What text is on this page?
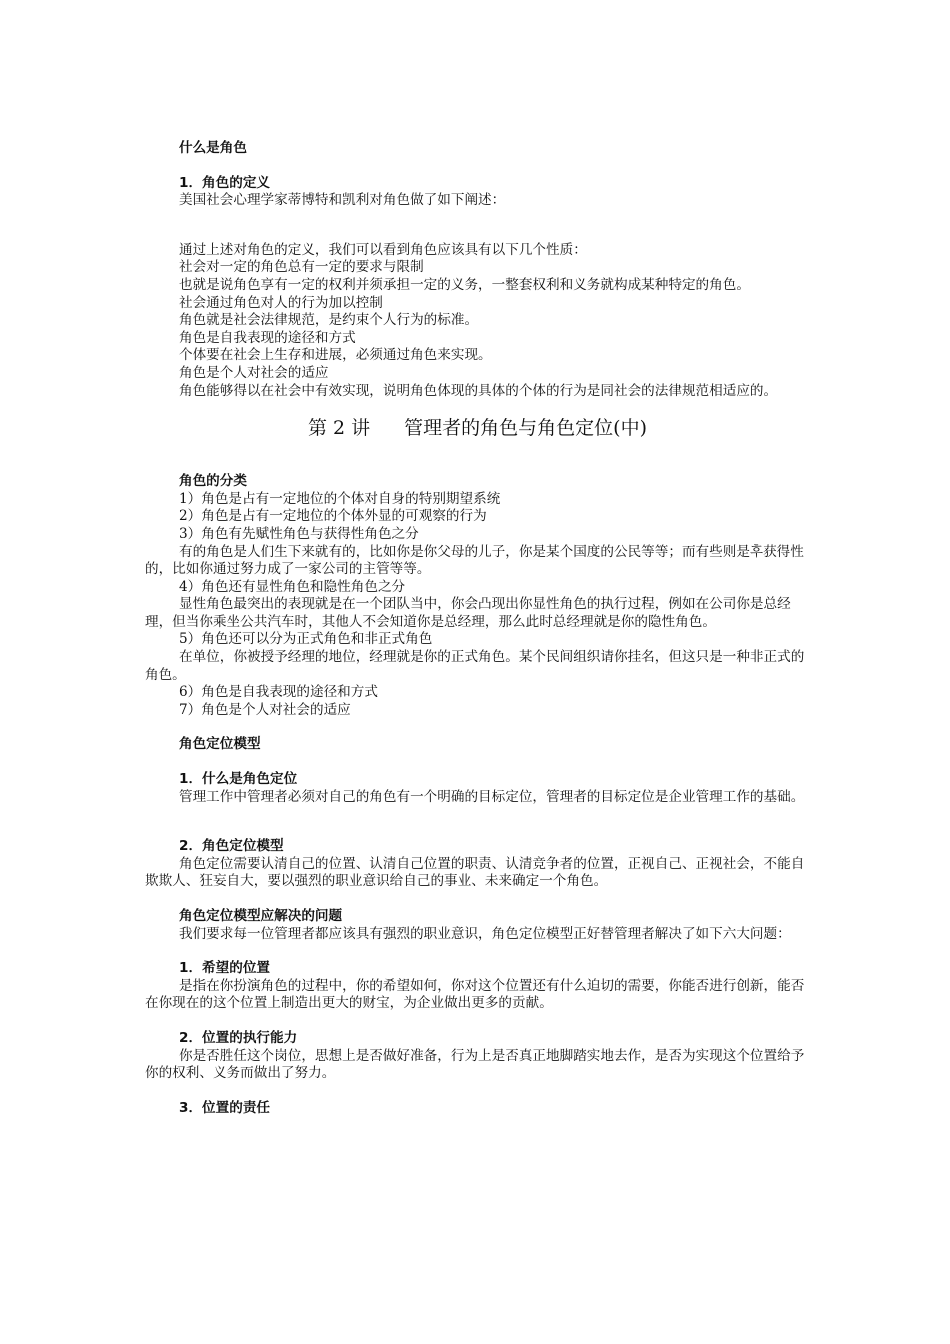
什么是角色

1．角色的定义

美国社会心理学家蒂博特和凯利对角色做了如下阐述：

通过上述对角色的定义，我们可以看到角色应该具有以下几个性质：

社会对一定的角色总有一定的要求与限制

也就是说角色享有一定的权利并须承担一定的义务，一整套权利和义务就构成某种特定的角色。

社会通过角色对人的行为加以控制

角色就是社会法律规范，是约束个人行为的标准。

角色是自我表现的途径和方式

个体要在社会上生存和进展，必须通过角色来实现。

角色是个人对社会的适应

角色能够得以在社会中有效实现，说明角色体现的具体的个体的行为是同社会的法律规范相适应的。

第 2 讲 管理者的角色与角色定位(中)

角色的分类

1）角色是占有一定地位的个体对自身的特别期望系统

2）角色是占有一定地位的个体外显的可观察的行为

3）角色有先赋性角色与获得性角色之分

有的角色是人们生下来就有的，比如你是你父母的儿子，你是某个国度的公民等等；而有些则是후获得性的，比如你通过努力成了一家公司的主管等等。

4）角色还有显性角色和隐性角色之分

显性角色最突出的表现就是在一个团队当中，你会凸现出你显性角色的执行过程，例如在公司你是总经理，但当你乘坐公共汽车时，其他人不会知道你是总经理，那么此时总经理就是你的隐性角色。

5）角色还可以分为正式角色和非正式角色

在单位，你被授予经理的地位，经理就是你的正式角色。某个民间组织请你挂名，但这只是一种非正式的角色。

6）角色是自我表现的途径和方式

7）角色是个人对社会的适应

角色定位模型

1．什么是角色定位

管理工作中管理者必须对自己的角色有一个明确的目标定位，管理者的目标定位是企业管理工作的基础。

2．角色定位模型

角色定位需要认清自己的位置、认清自己位置的职责、认清竞争者的位置，正视自己、正视社会，不能自欺欺人、狂妄自大，要以强烈的职业意识给自己的事业、未来确定一个角色。

角色定位模型应解决的问题

我们要求每一位管理者都应该具有强烈的职业意识，角色定位模型正好替管理者解决了如下六大问题：

1．希望的位置

是指在你扮演角色的过程中，你的希望如何，你对这个位置还有什么迫切的需要，你能否进行创新，能否在你现在的这个位置上制造出更大的财宝，为企业做出更多的贡献。

2．位置的执行能力

你是否胜任这个岗位，思想上是否做好准备，行为上是否真正地脚踏实地去作，是否为实现这个位置给予你的权利、义务而做出了努力。

3．位置的责任
